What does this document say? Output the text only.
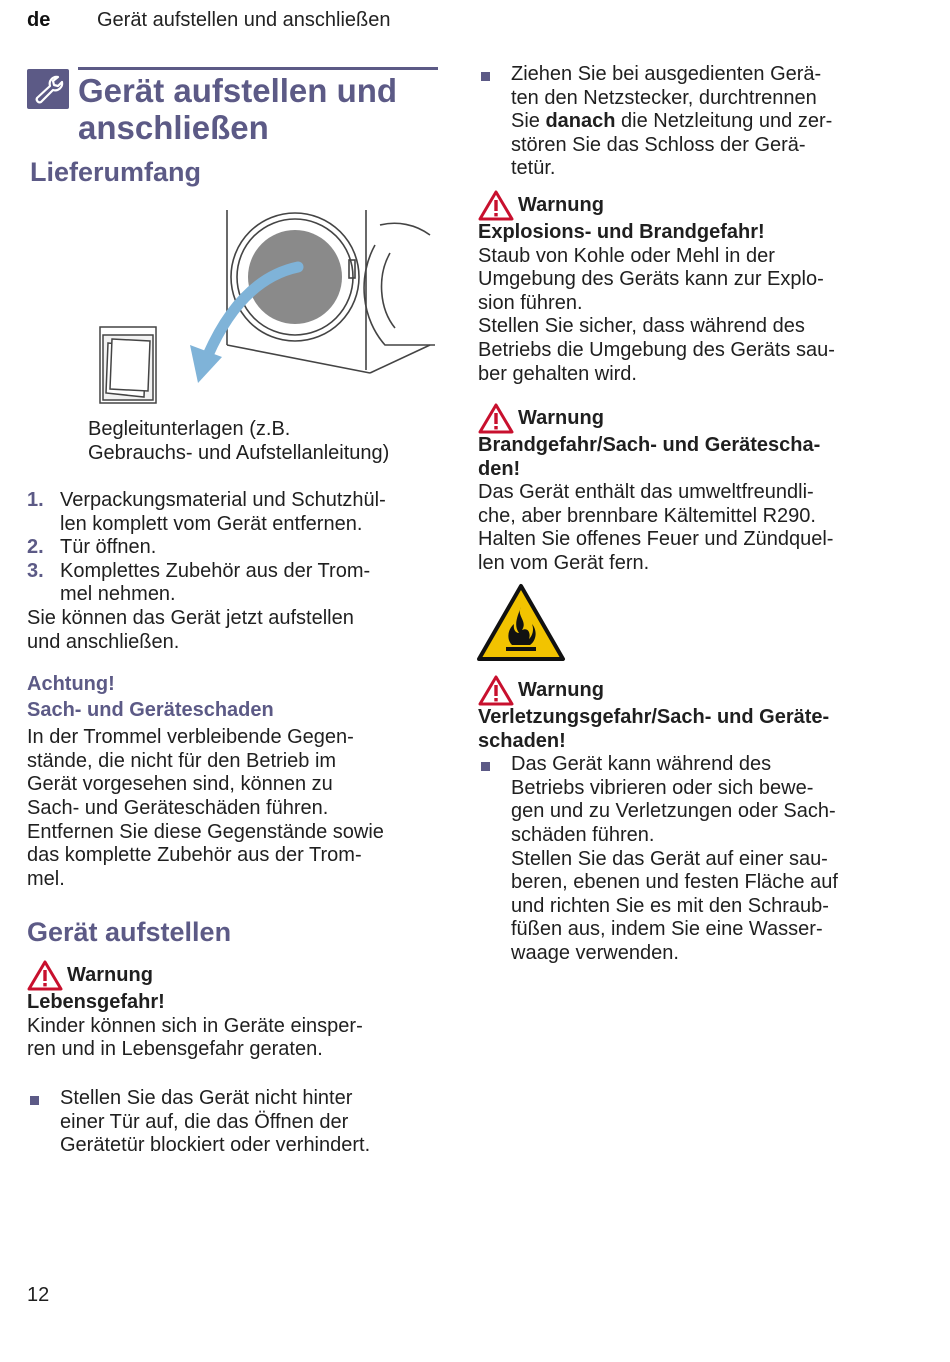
de Gerät aufstellen und anschließen
Gerät aufstellen und
anschließen
Lieferumfang
Begleitunterlagen (z.B.
Gebrauchs- und Aufstellanleitung)
1. Verpackungsmaterial und Schutzhül-
len komplett vom Gerät entfernen.
2. Tür öffnen.
3. Komplettes Zubehör aus der Trom-
mel nehmen.
Sie können das Gerät jetzt aufstellen
und anschließen.
Achtung!
Sach- und Geräteschaden
In der Trommel verbleibende Gegen-
stände, die nicht für den Betrieb im
Gerät vorgesehen sind, können zu
Sach- und Geräteschäden führen.
Entfernen Sie diese Gegenstände sowie
das komplette Zubehör aus der Trom-
mel.
Gerät aufstellen
Warnung
Lebensgefahr!
Kinder können sich in Geräte einsper-
ren und in Lebensgefahr geraten.
Stellen Sie das Gerät nicht hinter
einer Tür auf, die das Öffnen der
Gerätetür blockiert oder verhindert.
12
Ziehen Sie bei ausgedienten Gerä-
ten den Netzstecker, durchtrennen
Sie danach die Netzleitung und zer-
stören Sie das Schloss der Gerä-
tetür.
Warnung
Explosions- und Brandgefahr!
Staub von Kohle oder Mehl in der
Umgebung des Geräts kann zur Explo-
sion führen.
Stellen Sie sicher, dass während des
Betriebs die Umgebung des Geräts sau-
ber gehalten wird.
Warnung
Brandgefahr/Sach- und Gerätescha-
den!
Das Gerät enthält das umweltfreundli-
che, aber brennbare Kältemittel R290.
Halten Sie offenes Feuer und Zündquel-
len vom Gerät fern.
Warnung
Verletzungsgefahr/Sach- und Geräte-
schaden!
Das Gerät kann während des
Betriebs vibrieren oder sich bewe-
gen und zu Verletzungen oder Sach-
schäden führen.
Stellen Sie das Gerät auf einer sau-
beren, ebenen und festen Fläche auf
und richten Sie es mit den Schraub-
füßen aus, indem Sie eine Wasser-
waage verwenden.
